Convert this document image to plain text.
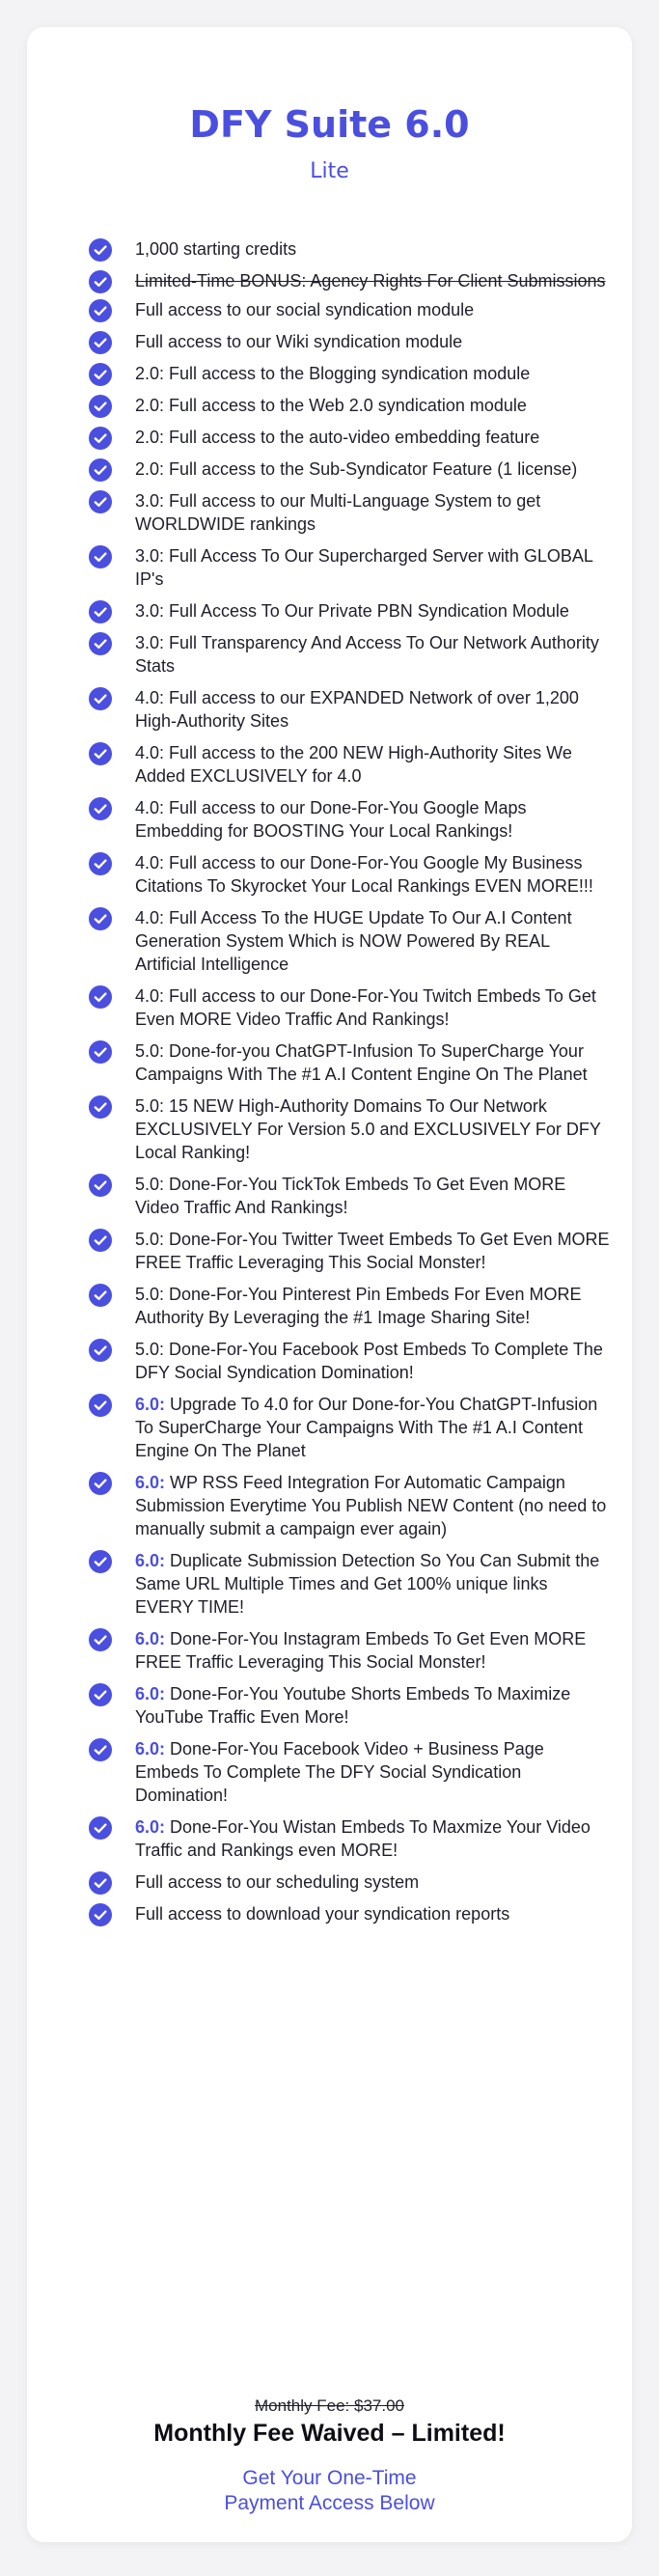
DFY Suite 6.0
Lite
1,000 starting credits
Limited-Time BONUS: Agency Rights For Client Submissions
Full access to our social syndication module
Full access to our Wiki syndication module
2.0: Full access to the Blogging syndication module
2.0: Full access to the Web 2.0 syndication module
2.0: Full access to the auto-video embedding feature
2.0: Full access to the Sub-Syndicator Feature (1 license)
3.0: Full access to our Multi-Language System to get WORLDWIDE rankings
3.0: Full Access To Our Supercharged Server with GLOBAL IP's
3.0: Full Access To Our Private PBN Syndication Module
3.0: Full Transparency And Access To Our Network Authority Stats
4.0: Full access to our EXPANDED Network of over 1,200 High-Authority Sites
4.0: Full access to the 200 NEW High-Authority Sites We Added EXCLUSIVELY for 4.0
4.0: Full access to our Done-For-You Google Maps Embedding for BOOSTING Your Local Rankings!
4.0: Full access to our Done-For-You Google My Business Citations To Skyrocket Your Local Rankings EVEN MORE!!!
4.0: Full Access To the HUGE Update To Our A.I Content Generation System Which is NOW Powered By REAL Artificial Intelligence
4.0: Full access to our Done-For-You Twitch Embeds To Get Even MORE Video Traffic And Rankings!
5.0: Done-for-you ChatGPT-Infusion To SuperCharge Your Campaigns With The #1 A.I Content Engine On The Planet
5.0: 15 NEW High-Authority Domains To Our Network EXCLUSIVELY For Version 5.0 and EXCLUSIVELY For DFY Local Ranking!
5.0: Done-For-You TickTok Embeds To Get Even MORE Video Traffic And Rankings!
5.0: Done-For-You Twitter Tweet Embeds To Get Even MORE FREE Traffic Leveraging This Social Monster!
5.0: Done-For-You Pinterest Pin Embeds For Even MORE Authority By Leveraging the #1 Image Sharing Site!
5.0: Done-For-You Facebook Post Embeds To Complete The DFY Social Syndication Domination!
6.0: Upgrade To 4.0 for Our Done-for-You ChatGPT-Infusion To SuperCharge Your Campaigns With The #1 A.I Content Engine On The Planet
6.0: WP RSS Feed Integration For Automatic Campaign Submission Everytime You Publish NEW Content (no need to manually submit a campaign ever again)
6.0: Duplicate Submission Detection So You Can Submit the Same URL Multiple Times and Get 100% unique links EVERY TIME!
6.0: Done-For-You Instagram Embeds To Get Even MORE FREE Traffic Leveraging This Social Monster!
6.0: Done-For-You Youtube Shorts Embeds To Maximize YouTube Traffic Even More!
6.0: Done-For-You Facebook Video + Business Page Embeds To Complete The DFY Social Syndication Domination!
6.0: Done-For-You Wistan Embeds To Maxmize Your Video Traffic and Rankings even MORE!
Full access to our scheduling system
Full access to download your syndication reports
Monthly Fee: $37.00
Monthly Fee Waived – Limited!
Get Your One-Time
Payment Access Below
